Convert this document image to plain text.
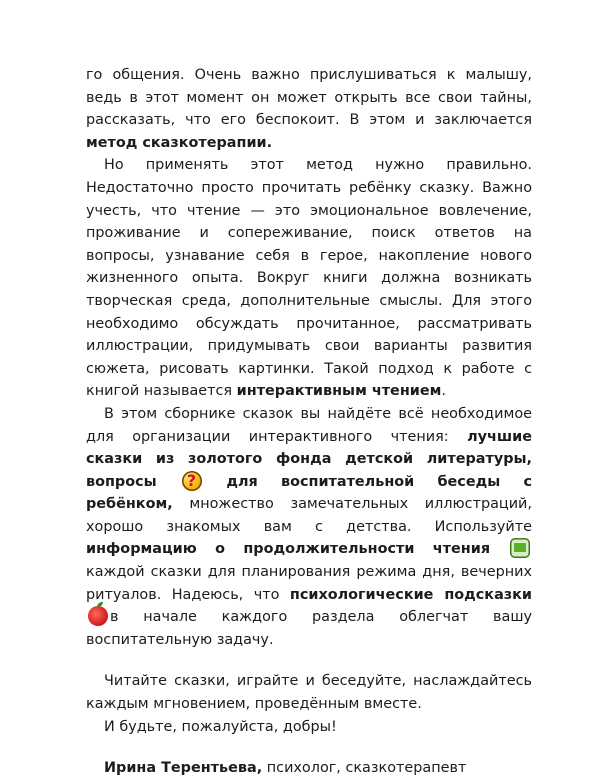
го общения. Очень важно прислушиваться к малышу, ведь в этот момент он может открыть все свои тайны, рассказать, что его беспокоит. В этом и заключается метод сказкотерапии.

Но применять этот метод нужно правильно. Недостаточно просто прочитать ребёнку сказку. Важно учесть, что чтение — это эмоциональное вовлечение, проживание и сопереживание, поиск ответов на вопросы, узнавание себя в герое, накопление нового жизненного опыта. Вокруг книги должна возникать творческая среда, дополнительные смыслы. Для этого необходимо обсуждать прочитанное, рассматривать иллюстрации, придумывать свои варианты развития сюжета, рисовать картинки. Такой подход к работе с книгой называется интерактивным чтением.

В этом сборнике сказок вы найдёте всё необходимое для организации интерактивного чтения: лучшие сказки из золотого фонда детской литературы, вопросы ?	для воспитательной беседы с ребёнком, множество замечательных иллюстраций, хорошо знакомых вам с детства. Используйте информацию о продолжительности чтения  каждой сказки для планирования режима дня, вечерних ритуалов. Надеюсь, что психологические подсказкив начале каждого раздела облегчат вашу воспитательную задачу.

Читайте сказки, играйте и беседуйте, наслаждайтесь каждым мгновением, проведённым вместе.

И будьте, пожалуйста, добры!

Ирина Терентьева, психолог, сказкотерапевт
